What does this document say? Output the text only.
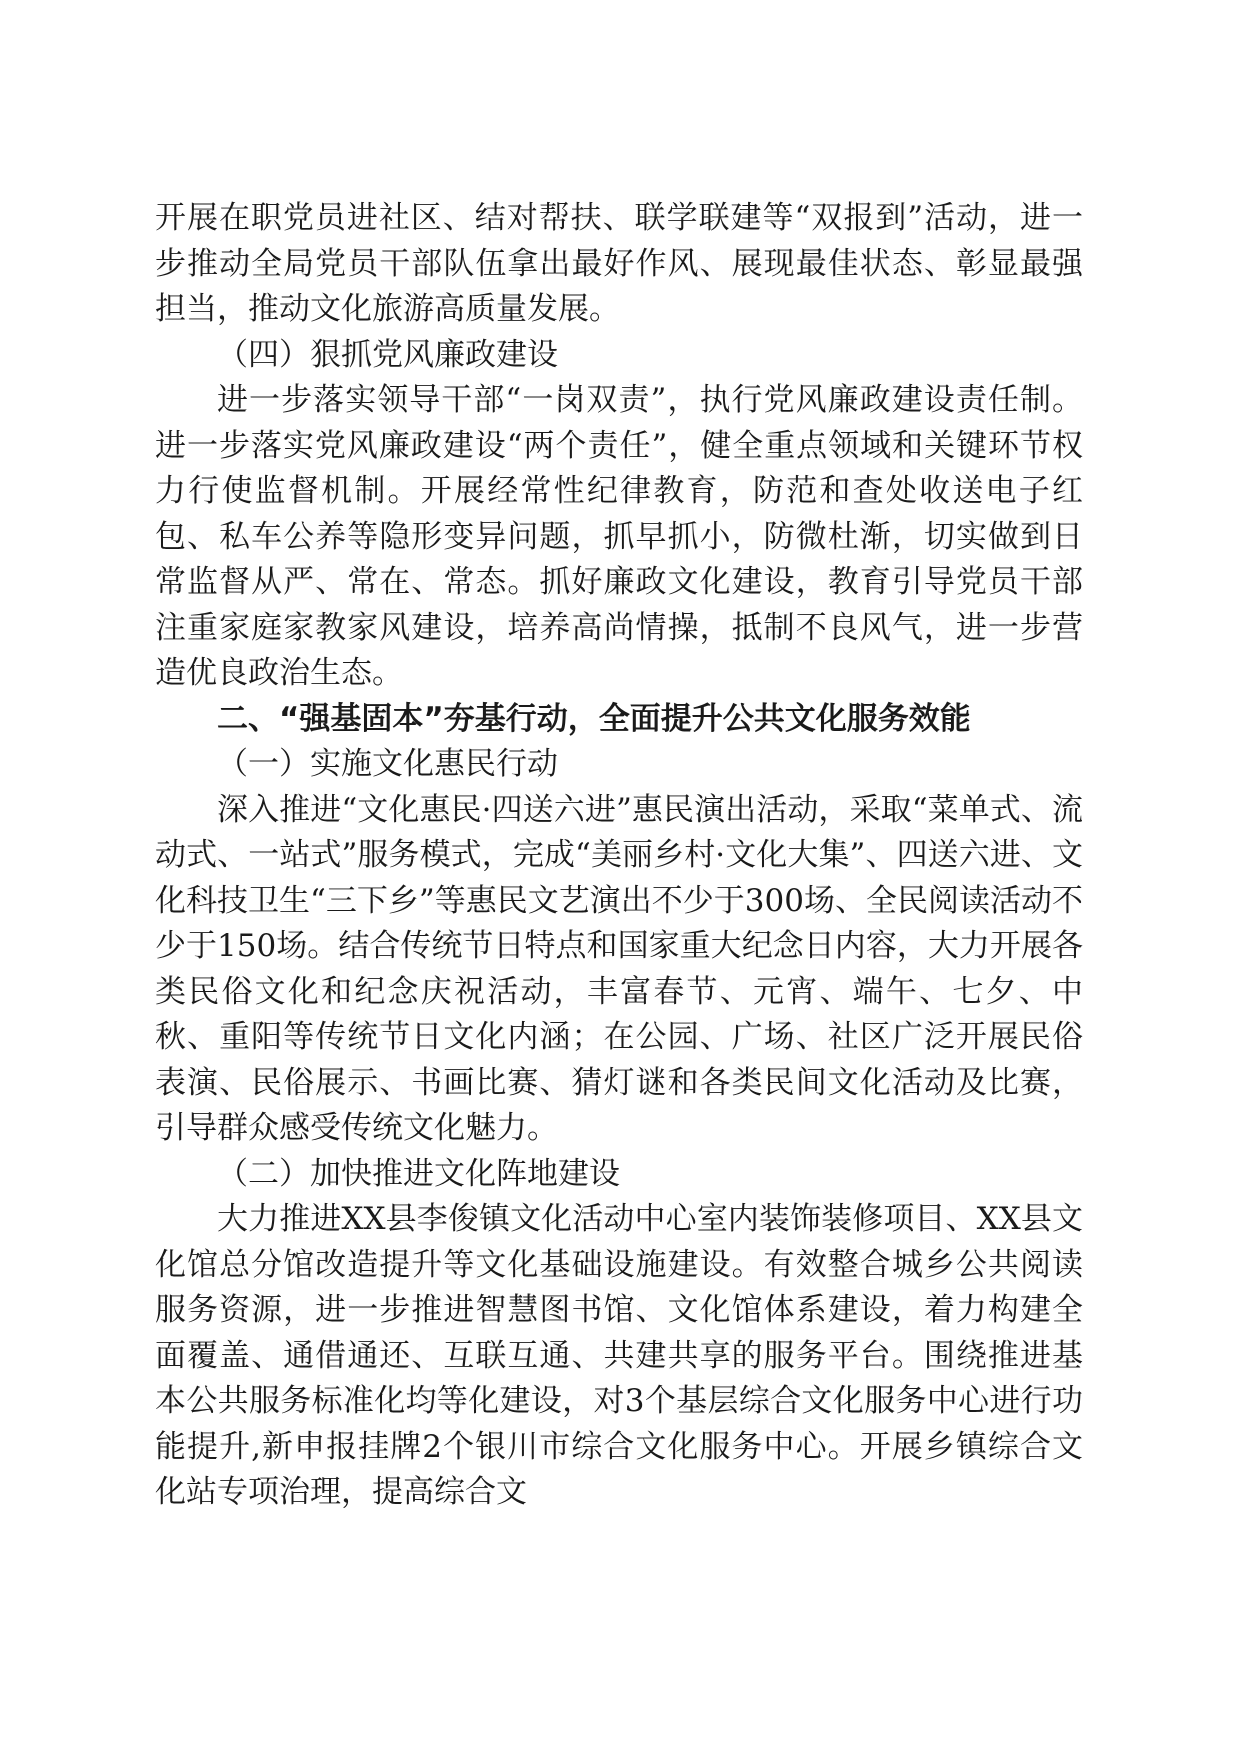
开展在职党员进社区、结对帮扶、联学联建等“双报到”活动，进一步推动全局党员干部队伍拿出最好作风、展现最佳状态、彰显最强担当，推动文化旅游高质量发展。

（四）狠抓党风廉政建设

进一步落实领导干部“一岗双责”，执行党风廉政建设责任制。进一步落实党风廉政建设“两个责任”，健全重点领域和关键环节权力行使监督机制。开展经常性纪律教育，防范和查处收送电子红包、私车公养等隐形变异问题，抓早抓小，防微杜渐，切实做到日常监督从严、常在、常态。抓好廉政文化建设，教育引导党员干部注重家庭家教家风建设，培养高尚情操，抵制不良风气，进一步营造优良政治生态。

二、“强基固本”夯基行动，全面提升公共文化服务效能

（一）实施文化惠民行动

深入推进“文化惠民·四送六进”惠民演出活动，采取“菜单式、流动式、一站式”服务模式，完成“美丽乡村·文化大集”、四送六进、文化科技卫生“三下乡”等惠民文艺演出不少于300场、全民阅读活动不少于150场。结合传统节日特点和国家重大纪念日内容，大力开展各类民俗文化和纪念庆祝活动，丰富春节、元宵、端午、七夕、中秋、重阳等传统节日文化内涵；在公园、广场、社区广泛开展民俗表演、民俗展示、书画比赛、猜灯谜和各类民间文化活动及比赛，引导群众感受传统文化魅力。

（二）加快推进文化阵地建设

大力推进XX县李俊镇文化活动中心室内装饰装修项目、XX县文化馆总分馆改造提升等文化基础设施建设。有效整合城乡公共阅读服务资源，进一步推进智慧图书馆、文化馆体系建设，着力构建全面覆盖、通借通还、互联互通、共建共享的服务平台。围绕推进基本公共服务标准化均等化建设，对3个基层综合文化服务中心进行功能提升,新申报挂牌2个银川市综合文化服务中心。开展乡镇综合文化站专项治理，提高综合文
